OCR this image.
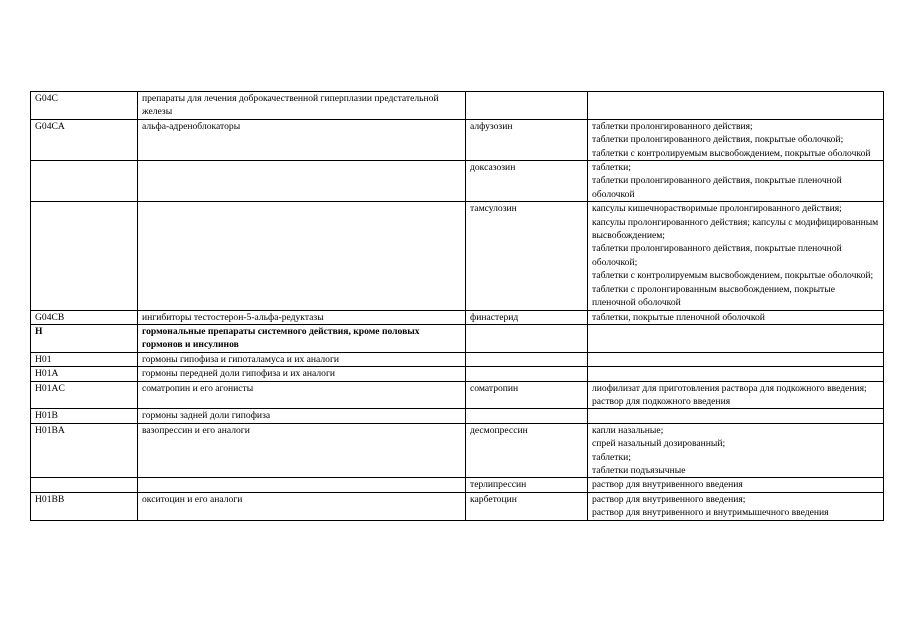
G04C	препараты для лечения доброкачественной гиперплазии предстательной железы		
G04CA	альфа-адреноблокаторы	алфузозин	таблетки пролонгированного действия;
таблетки пролонгированного действия, покрытые оболочкой;
таблетки с контролируемым высвобождением, покрытые оболочкой

		доксазозин	таблетки;
таблетки пролонгированного действия, покрытые пленочной оболочкой

		тамсулозин	капсулы кишечнорастворимые пролонгированного действия;
капсулы пролонгированного действия; капсулы с модифицированным высвобождением;
таблетки пролонгированного действия, покрытые пленочной оболочкой;
таблетки с контролируемым высвобождением, покрытые оболочкой;
таблетки с пролонгированным высвобождением, покрытые пленочной оболочкой

G04CB	ингибиторы тестостерон-5-альфа-редуктазы	финастерид	таблетки, покрытые пленочной оболочкой

H	гормональные препараты системного действия, кроме половых гормонов и инсулинов		
H01	гормоны гипофиза и гипоталамуса и их аналоги		
H01A	гормоны передней доли гипофиза и их аналоги		
H01AC	соматропин и его агонисты	соматропин	лиофилизат для приготовления раствора для подкожного введения;
раствор для подкожного введения

H01B	гормоны задней доли гипофиза		
H01BA	вазопрессин и его аналоги	десмопрессин	капли назальные;
спрей назальный дозированный;
таблетки;
таблетки подъязычные

		терлипрессин	раствор для внутривенного введения

H01BB	окситоцин и его аналоги	карбетоцин	раствор для внутривенного введения;
раствор для внутривенного и внутримышечного введения
